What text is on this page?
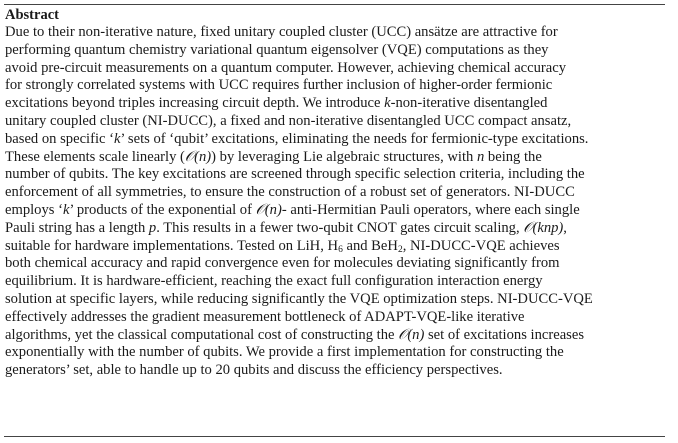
Abstract

Due to their non-iterative nature, fixed unitary coupled cluster (UCC) ansätze are attractive for
performing quantum chemistry variational quantum eigensolver (VQE) computations as they
avoid pre-circuit measurements on a quantum computer. However, achieving chemical accuracy
for strongly correlated systems with UCC requires further inclusion of higher-order fermionic
excitations beyond triples increasing circuit depth. We introduce k-non-iterative disentangled
unitary coupled cluster (NI-DUCC), a fixed and non-iterative disentangled UCC compact ansatz,
based on specific ‘k’ sets of ‘qubit’ excitations, eliminating the needs for fermionic-type excitations.
These elements scale linearly (𝒪(n)) by leveraging Lie algebraic structures, with n being the
number of qubits. The key excitations are screened through specific selection criteria, including the
enforcement of all symmetries, to ensure the construction of a robust set of generators. NI-DUCC
employs ‘k’ products of the exponential of 𝒪(n)- anti-Hermitian Pauli operators, where each single
Pauli string has a length p. This results in a fewer two-qubit CNOT gates circuit scaling, 𝒪(knp),
suitable for hardware implementations. Tested on LiH, $H_6$ and BeH$_2$, NI-DUCC-VQE achieves
both chemical accuracy and rapid convergence even for molecules deviating significantly from
equilibrium. It is hardware-efficient, reaching the exact full configuration interaction energy
solution at specific layers, while reducing significantly the VQE optimization steps. NI-DUCC-VQE
effectively addresses the gradient measurement bottleneck of ADAPT-VQE-like iterative
algorithms, yet the classical computational cost of constructing the 𝒪(n) set of excitations increases
exponentially with the number of qubits. We provide a first implementation for constructing the
generators’ set, able to handle up to 20 qubits and discuss the efficiency perspectives.
